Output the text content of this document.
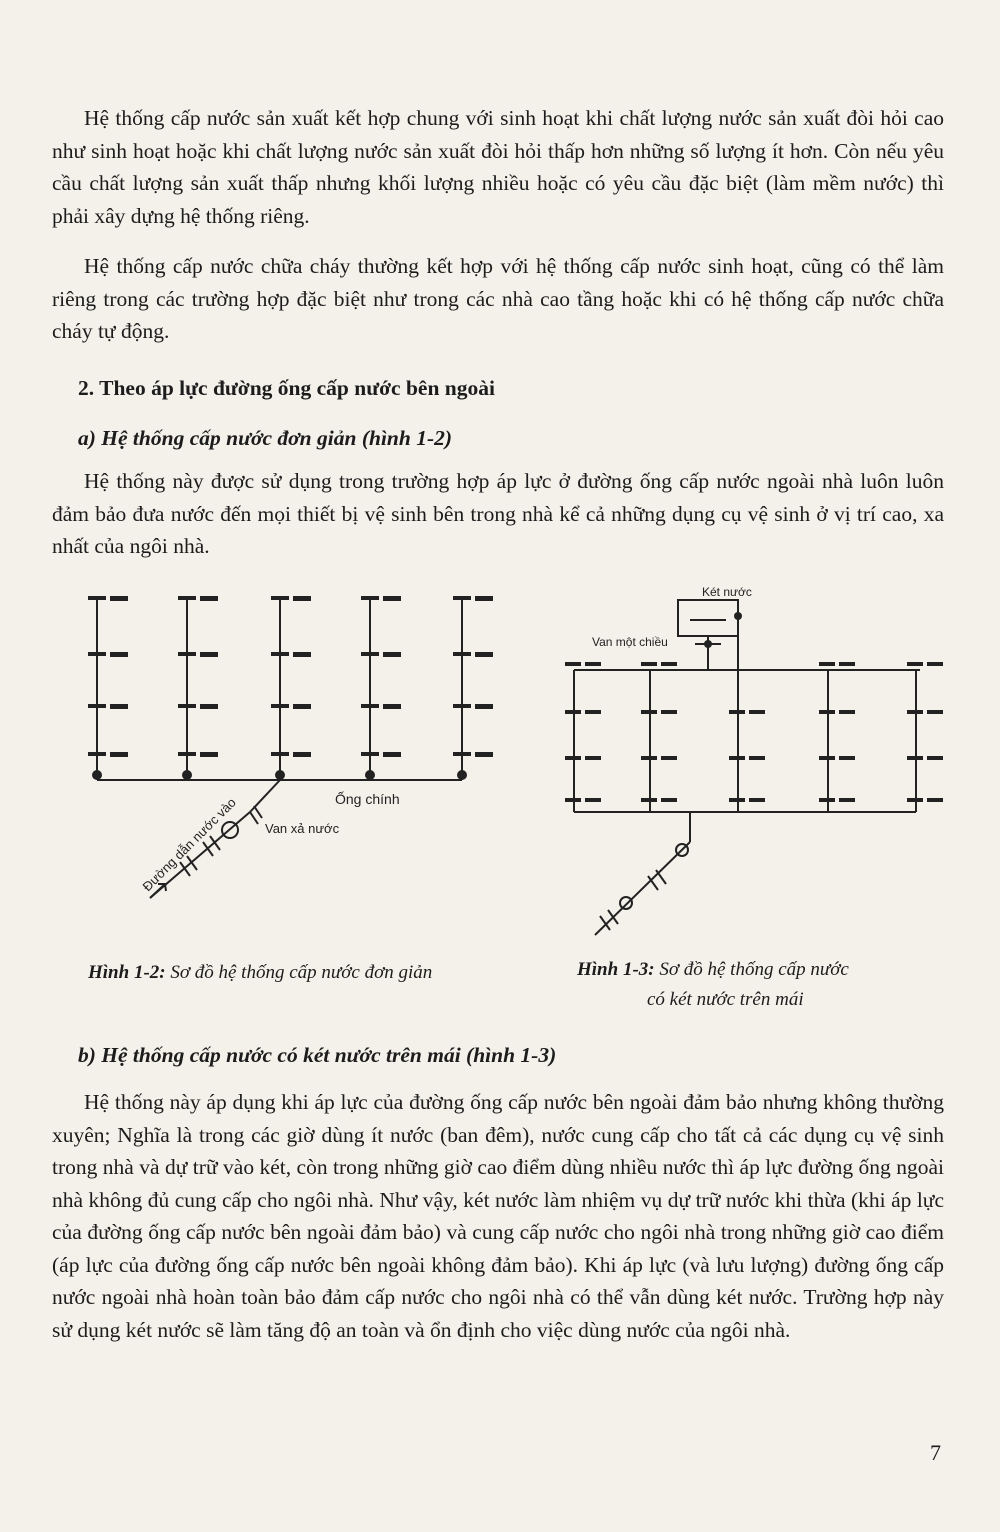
Hệ thống cấp nước sản xuất kết hợp chung với sinh hoạt khi chất lượng nước sản xuất đòi hỏi cao như sinh hoạt hoặc khi chất lượng nước sản xuất đòi hỏi thấp hơn những số lượng ít hơn. Còn nếu yêu cầu chất lượng sản xuất thấp nhưng khối lượng nhiều hoặc có yêu cầu đặc biệt (làm mềm nước) thì phải xây dựng hệ thống riêng.

Hệ thống cấp nước chữa cháy thường kết hợp với hệ thống cấp nước sinh hoạt, cũng có thể làm riêng trong các trường hợp đặc biệt như trong các nhà cao tầng hoặc khi có hệ thống cấp nước chữa cháy tự động.

2. Theo áp lực đường ống cấp nước bên ngoài

a) Hệ thống cấp nước đơn giản (hình 1-2)

Hệ thống này được sử dụng trong trường hợp áp lực ở đường ống cấp nước ngoài nhà luôn luôn đảm bảo đưa nước đến mọi thiết bị vệ sinh bên trong nhà kể cả những dụng cụ vệ sinh ở vị trí cao, xa nhất của ngôi nhà.

Ống chính
Van xả nước
Đường dẫn nước vào
Két nước
Van một chiều

Hình 1-2: Sơ đồ hệ thống cấp nước đơn giản	Hình 1-3: Sơ đồ hệ thống cấp nước

có két nước trên mái

b) Hệ thống cấp nước có két nước trên mái (hình 1-3)

Hệ thống này áp dụng khi áp lực của đường ống cấp nước bên ngoài đảm bảo nhưng không thường xuyên; Nghĩa là trong các giờ dùng ít nước (ban đêm), nước cung cấp cho tất cả các dụng cụ vệ sinh trong nhà và dự trữ vào két, còn trong những giờ cao điểm dùng nhiều nước thì áp lực đường ống ngoài nhà không đủ cung cấp cho ngôi nhà. Như vậy, két nước làm nhiệm vụ dự trữ nước khi thừa (khi áp lực của đường ống cấp nước bên ngoài đảm bảo) và cung cấp nước cho ngôi nhà trong những giờ cao điểm (áp lực của đường ống cấp nước bên ngoài không đảm bảo). Khi áp lực (và lưu lượng) đường ống cấp nước ngoài nhà hoàn toàn bảo đảm cấp nước cho ngôi nhà có thể vẫn dùng két nước. Trường hợp này sử dụng két nước sẽ làm tăng độ an toàn và ổn định cho việc dùng nước của ngôi nhà.

7
